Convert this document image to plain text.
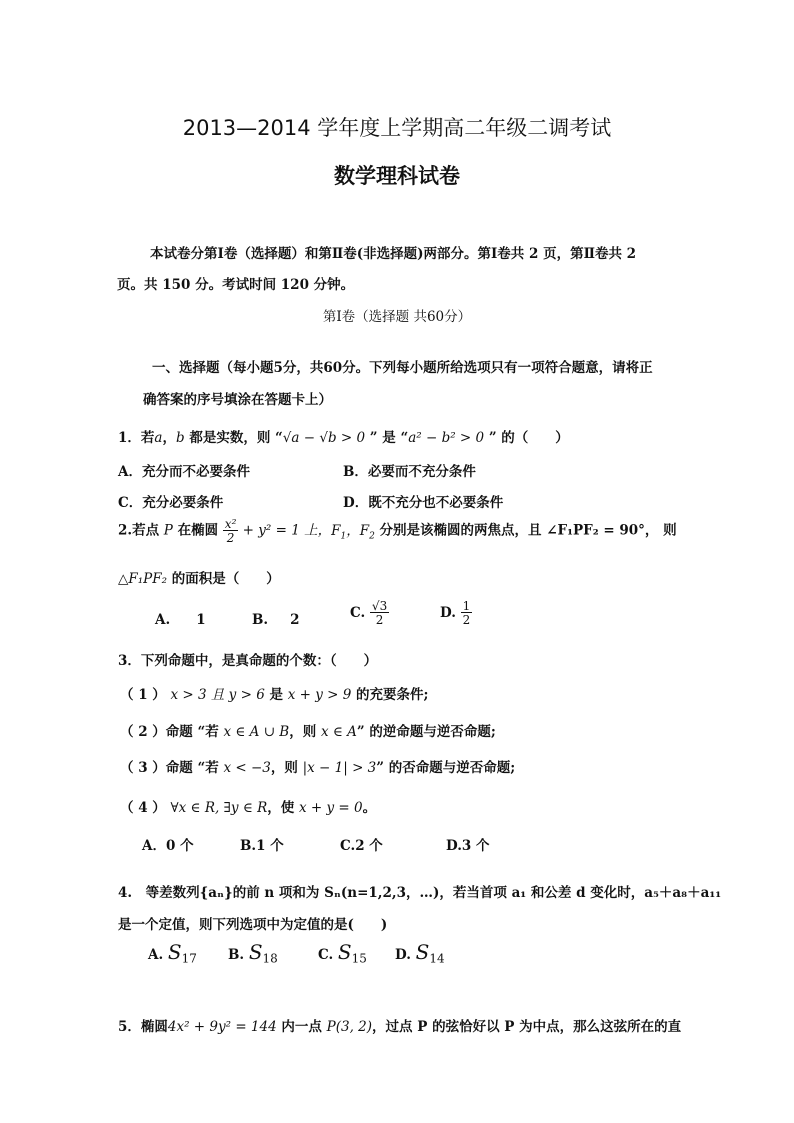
2013—2014 学年度上学期高二年级二调考试
数学理科试卷
本试卷分第Ⅰ卷（选择题）和第Ⅱ卷(非选择题)两部分。第Ⅰ卷共 2 页，第Ⅱ卷共 2
页。共 150 分。考试时间 120 分钟。
第Ⅰ卷（选择题 共60分）
一、选择题（每小题5分，共60分。下列每小题所给选项只有一项符合题意，请将正
确答案的序号填涂在答题卡上）
1．若a，b 都是实数，则 “√a − √b > 0 ” 是 “a² − b² > 0 ” 的（　　）
A．充分而不必要条件	B．必要而不充分条件
C．充分必要条件	D．既不充分也不必要条件
2.若点 P 在椭圆 $\frac{\text{x²}}{2} + y^2 = 1$ 上，$F_1$，$F_2$ 分别是该椭圆的两焦点，且 ∠F₁PF₂ = 90°， 则
△F₁PF₂ 的面积是（　　）
A. 1	B. 2	C. $\frac{√3}{2}$	D. $\frac{1}{2}$
3．下列命题中，是真命题的个数：（　　）
（ 1 ） x > 3 且 y > 6 是 x + y > 9 的充要条件;
（ 2 ）命题 “若 x ∈ A ∪ B，则 x ∈ A” 的逆命题与逆否命题;
（ 3 ）命题 “若 x < −3，则 |x − 1| > 3” 的否命题与逆否命题;
（ 4 ） ∀x ∈ R, ∃y ∈ R，使 x + y = 0。
A．0 个	B.1 个	C.2 个	D.3 个
4.　等差数列{aₙ}的前 n 项和为 Sₙ(n=1,2,3，…)，若当首项 a₁ 和公差 d 变化时，a₅＋a₈＋a₁₁
是一个定值，则下列选项中为定值的是(　　)
A. $S_{17}$ B. $S_{18}$	C. $S_{15}$ D. $S_{14}$
5．椭圆4x² + 9y² = 144 内一点 P(3, 2)，过点 P 的弦恰好以 P 为中点，那么这弦所在的直
